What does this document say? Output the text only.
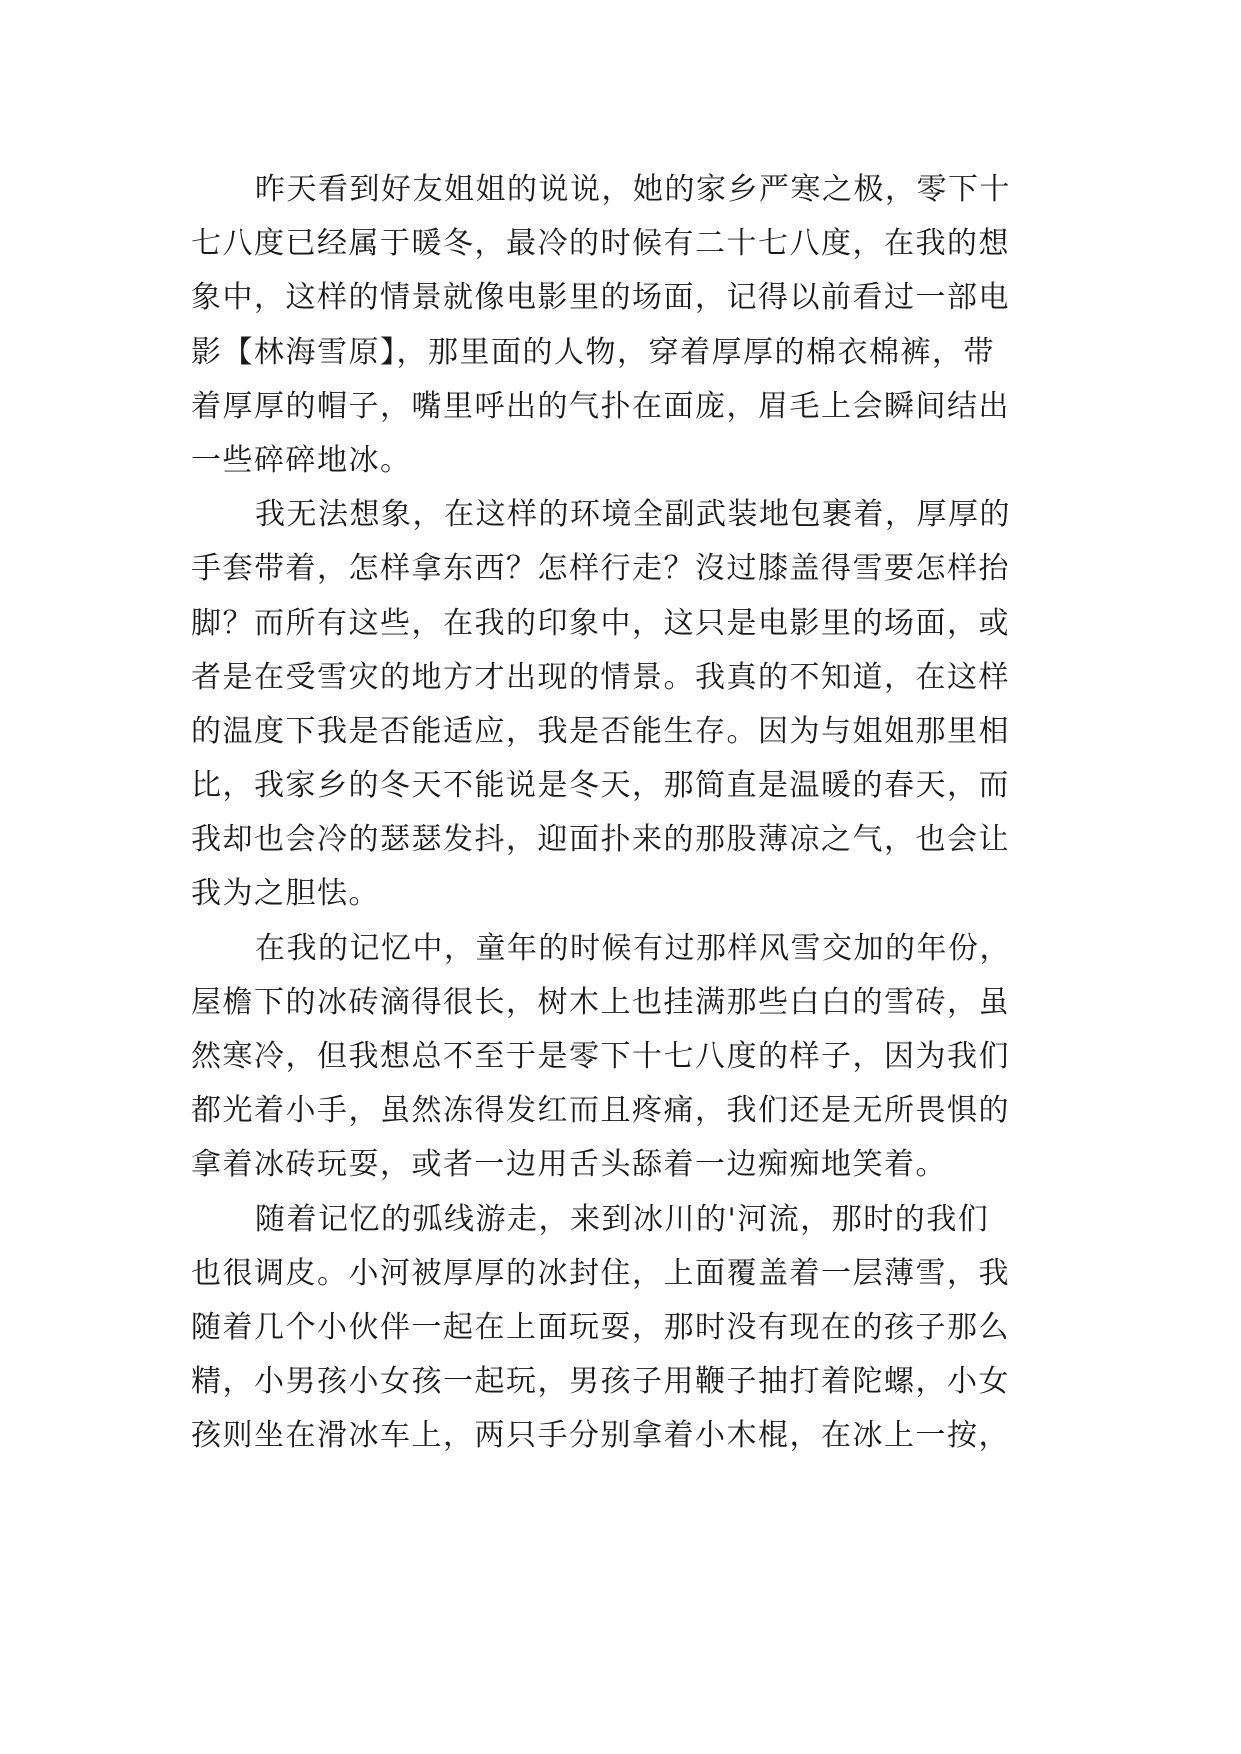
昨天看到好友姐姐的说说，她的家乡严寒之极，零下十
七八度已经属于暖冬，最冷的时候有二十七八度，在我的想
象中，这样的情景就像电影里的场面，记得以前看过一部电
影【林海雪原】，那里面的人物，穿着厚厚的棉衣棉裤，带
着厚厚的帽子，嘴里呼出的气扑在面庞，眉毛上会瞬间结出
一些碎碎地冰。
我无法想象，在这样的环境全副武装地包裹着，厚厚的
手套带着，怎样拿东西？怎样行走？沒过膝盖得雪要怎样抬
脚？而所有这些，在我的印象中，这只是电影里的场面，或
者是在受雪灾的地方才出现的情景。我真的不知道，在这样
的温度下我是否能适应，我是否能生存。因为与姐姐那里相
比，我家乡的冬天不能说是冬天，那简直是温暖的春天，而
我却也会冷的瑟瑟发抖，迎面扑来的那股薄凉之气，也会让
我为之胆怯。
在我的记忆中，童年的时候有过那样风雪交加的年份，
屋檐下的冰砖滴得很长，树木上也挂满那些白白的雪砖，虽
然寒冷，但我想总不至于是零下十七八度的样子，因为我们
都光着小手，虽然冻得发红而且疼痛，我们还是无所畏惧的
拿着冰砖玩耍，或者一边用舌头舔着一边痴痴地笑着。
随着记忆的弧线游走，来到冰川的'河流，那时的我们
也很调皮。小河被厚厚的冰封住，上面覆盖着一层薄雪，我
随着几个小伙伴一起在上面玩耍，那时没有现在的孩子那么
精，小男孩小女孩一起玩，男孩子用鞭子抽打着陀螺，小女
孩则坐在滑冰车上，两只手分别拿着小木棍，在冰上一按，
